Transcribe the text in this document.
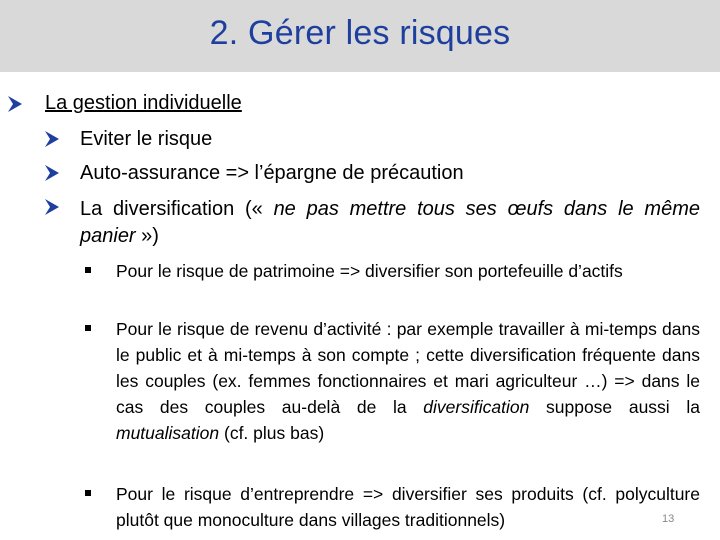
2. Gérer les risques
La gestion individuelle
Eviter le risque
Auto-assurance => l’épargne de précaution
La diversification (« ne pas mettre tous ses œufs dans le même panier »)
Pour le risque de patrimoine => diversifier son portefeuille d’actifs
Pour le risque de revenu d’activité : par exemple travailler à mi-temps dans le public et à mi-temps à son compte ; cette diversification fréquente dans les couples (ex. femmes fonctionnaires et mari agriculteur …) => dans le cas des couples au-delà de la diversification suppose aussi la mutualisation (cf. plus bas)
Pour le risque d’entreprendre => diversifier ses produits (cf. polyculture plutôt que monoculture dans villages traditionnels)	13
